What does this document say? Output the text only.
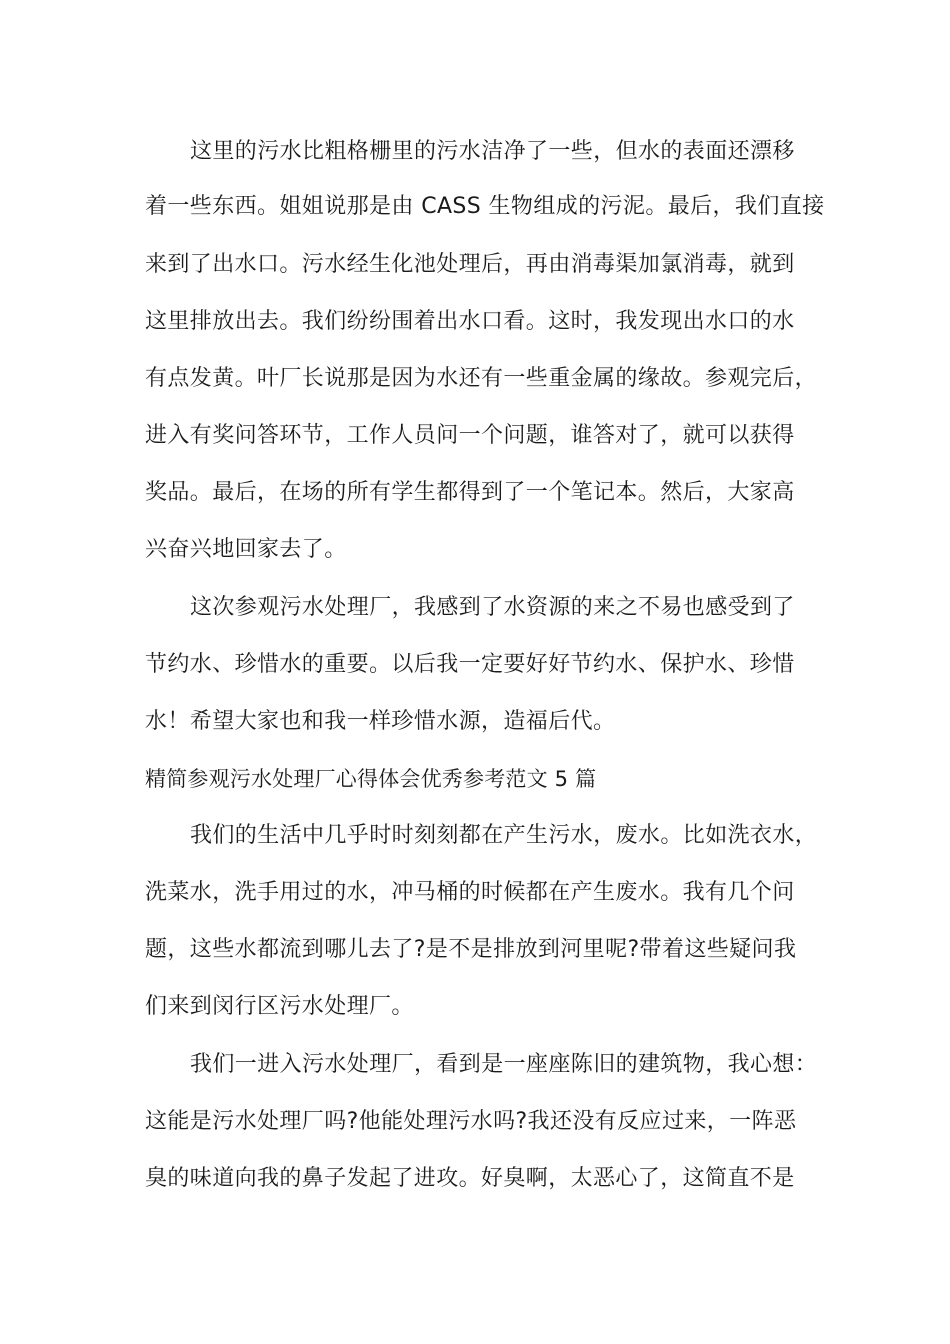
这里的污水比粗格栅里的污水洁净了一些，但水的表面还漂移
着一些东西。姐姐说那是由 CASS 生物组成的污泥。最后，我们直接
来到了出水口。污水经生化池处理后，再由消毒渠加氯消毒，就到
这里排放出去。我们纷纷围着出水口看。这时，我发现出水口的水
有点发黄。叶厂长说那是因为水还有一些重金属的缘故。参观完后，
进入有奖问答环节，工作人员问一个问题，谁答对了，就可以获得
奖品。最后，在场的所有学生都得到了一个笔记本。然后，大家高
兴奋兴地回家去了。
这次参观污水处理厂，我感到了水资源的来之不易也感受到了
节约水、珍惜水的重要。以后我一定要好好节约水、保护水、珍惜
水！希望大家也和我一样珍惜水源，造福后代。
精简参观污水处理厂心得体会优秀参考范文 5 篇
我们的生活中几乎时时刻刻都在产生污水，废水。比如洗衣水，
洗菜水，洗手用过的水，冲马桶的时候都在产生废水。我有几个问
题，这些水都流到哪儿去了?是不是排放到河里呢?带着这些疑问我
们来到闵行区污水处理厂。
我们一进入污水处理厂，看到是一座座陈旧的建筑物，我心想：
这能是污水处理厂吗?他能处理污水吗?我还没有反应过来，一阵恶
臭的味道向我的鼻子发起了进攻。好臭啊，太恶心了，这简直不是
